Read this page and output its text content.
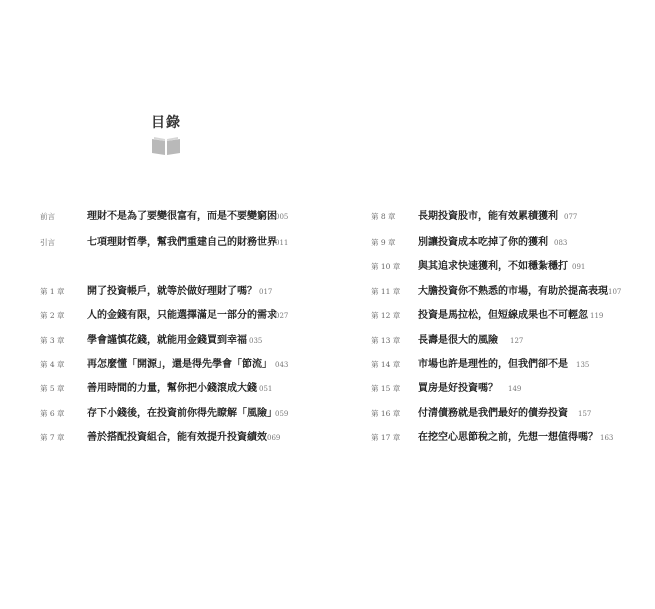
目錄
前言	理財不是為了要變很富有，而是不要變窮困
005
引言	七項理財哲學，幫我們重建自己的財務世界
011
第 1 章 開了投資帳戶，就等於做好理財了嗎？ 017
第 2 章 人的金錢有限，只能選擇滿足一部分的需求
027
第 3 章 學會謹慎花錢，就能用金錢買到幸福 035
第 4 章 再怎麼懂「開源」，還是得先學會「節流」 043
第 5 章 善用時間的力量，幫你把小錢滾成大錢 051
第 6 章 存下小錢後，在投資前你得先瞭解「風險」
059
第 7 章 善於搭配投資組合，能有效提升投資績效 069
第 8 章 長期投資股市，能有效累積獲利 077
第 9 章 別讓投資成本吃掉了你的獲利 083
第 10 章 與其追求快速獲利，不如穩紮穩打 091
第 11 章 大膽投資你不熟悉的市場，有助於提高表現 107
第 12 章 投資是馬拉松，但短線成果也不可輕忽 119
第 13 章 長壽是很大的風險 127
第 14 章 市場也許是理性的，但我們卻不是 135
第 15 章 買房是好投資嗎？ 149
第 16 章 付清債務就是我們最好的債券投資 157
第 17 章 在挖空心思節稅之前，先想一想值得嗎？ 163
